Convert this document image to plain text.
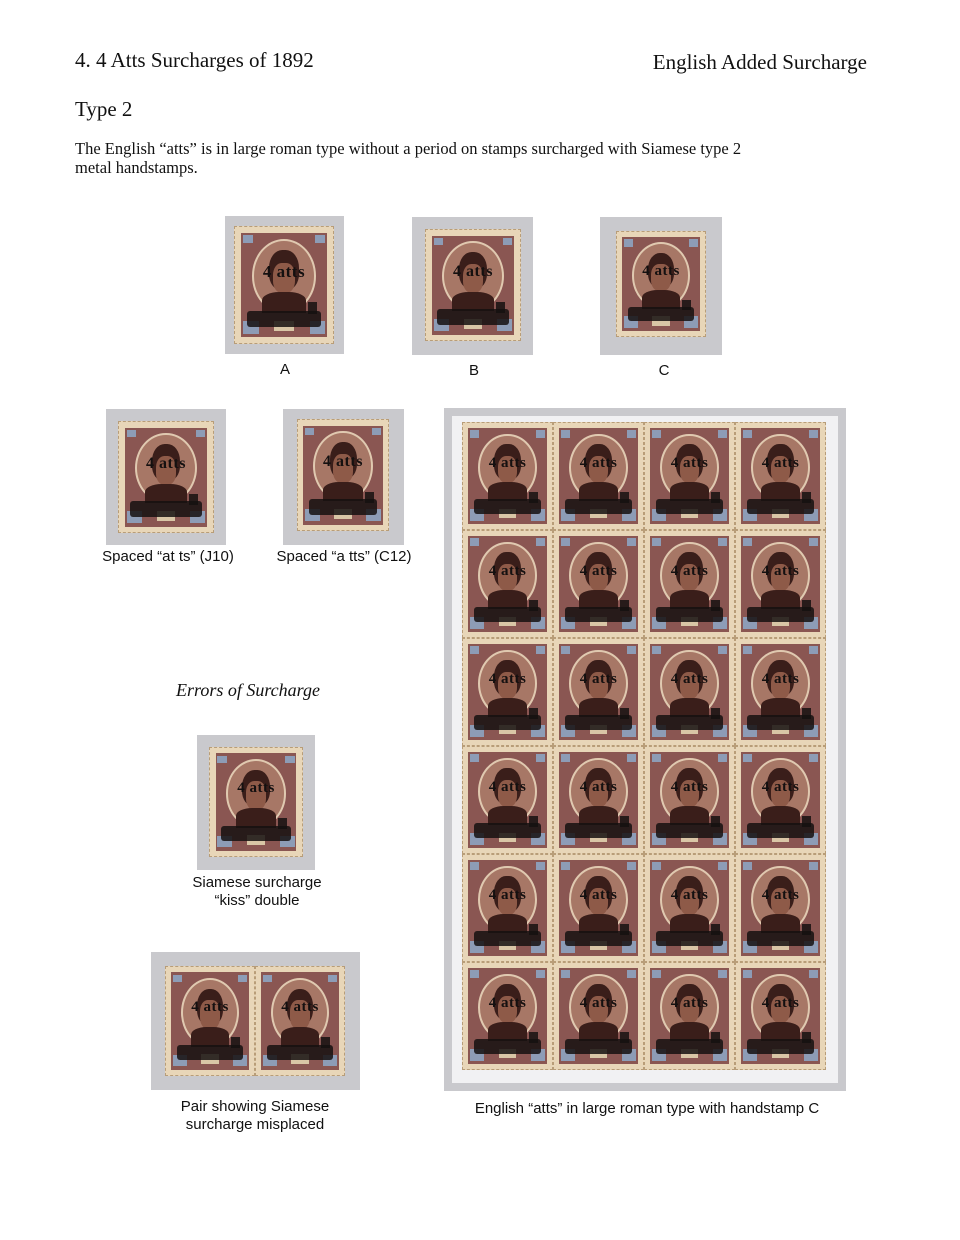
4. 4 Atts Surcharges of 1892	English Added Surcharge
Type 2
The English “atts” is in large roman type without a period on stamps surcharged with Siamese type 2
metal handstamps.
4 atts
A
4 atts
B
4 atts
C
4 atts
Spaced “at ts” (J10)
4 atts
Spaced “a tts” (C12)
Errors of Surcharge
4 atts
Siamese surcharge
“kiss” double
4 atts	4 atts
Pair showing Siamese
surcharge misplaced
4 atts	4 atts	4 atts	4 atts
4 atts	4 atts	4 atts	4 atts
4 atts	4 atts	4 atts	4 atts
4 atts	4 atts	4 atts	4 atts
4 atts	4 atts	4 atts	4 atts
4 atts	4 atts	4 atts	4 atts
English “atts” in large roman type with handstamp C
